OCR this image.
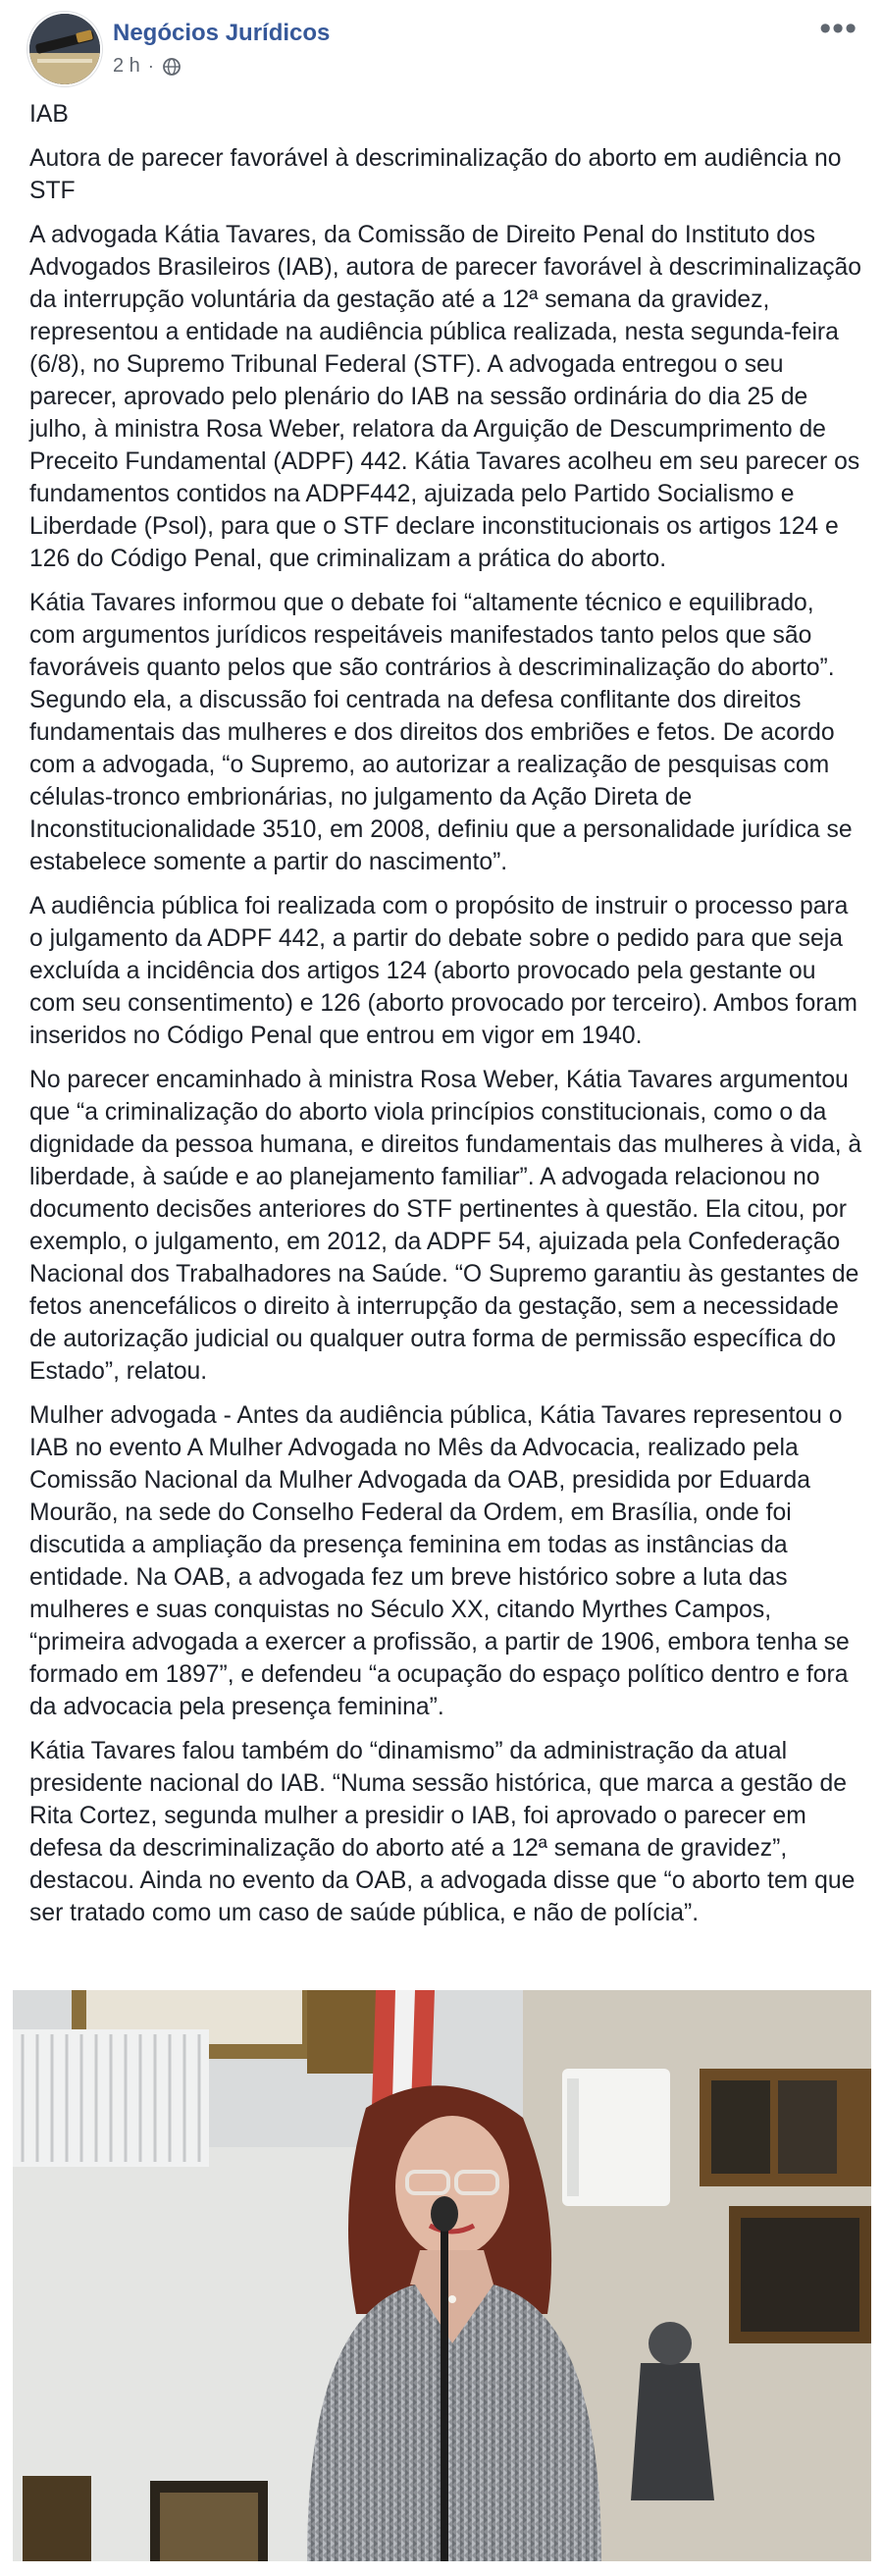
Negócios Jurídicos
2 h ·
•••

IAB

Autora de parecer favorável à descriminalização do aborto em audiência no STF

A advogada Kátia Tavares, da Comissão de Direito Penal do Instituto dos Advogados Brasileiros (IAB), autora de parecer favorável à descriminalização da interrupção voluntária da gestação até a 12ª semana da gravidez, representou a entidade na audiência pública realizada, nesta segunda-feira (6/8), no Supremo Tribunal Federal (STF). A advogada entregou o seu parecer, aprovado pelo plenário do IAB na sessão ordinária do dia 25 de julho, à ministra Rosa Weber, relatora da Arguição de Descumprimento de Preceito Fundamental (ADPF) 442. Kátia Tavares acolheu em seu parecer os fundamentos contidos na ADPF442, ajuizada pelo Partido Socialismo e Liberdade (Psol), para que o STF declare inconstitucionais os artigos 124 e 126 do Código Penal, que criminalizam a prática do aborto.

Kátia Tavares informou que o debate foi “altamente técnico e equilibrado, com argumentos jurídicos respeitáveis manifestados tanto pelos que são favoráveis quanto pelos que são contrários à descriminalização do aborto”. Segundo ela, a discussão foi centrada na defesa conflitante dos direitos fundamentais das mulheres e dos direitos dos embriões e fetos. De acordo com a advogada, “o Supremo, ao autorizar a realização de pesquisas com células-tronco embrionárias, no julgamento da Ação Direta de Inconstitucionalidade 3510, em 2008, definiu que a personalidade jurídica se estabelece somente a partir do nascimento”.

A audiência pública foi realizada com o propósito de instruir o processo para o julgamento da ADPF 442, a partir do debate sobre o pedido para que seja excluída a incidência dos artigos 124 (aborto provocado pela gestante ou com seu consentimento) e 126 (aborto provocado por terceiro). Ambos foram inseridos no Código Penal que entrou em vigor em 1940.

No parecer encaminhado à ministra Rosa Weber, Kátia Tavares argumentou que “a criminalização do aborto viola princípios constitucionais, como o da dignidade da pessoa humana, e direitos fundamentais das mulheres à vida, à liberdade, à saúde e ao planejamento familiar”. A advogada relacionou no documento decisões anteriores do STF pertinentes à questão. Ela citou, por exemplo, o julgamento, em 2012, da ADPF 54, ajuizada pela Confederação Nacional dos Trabalhadores na Saúde. “O Supremo garantiu às gestantes de fetos anencefálicos o direito à interrupção da gestação, sem a necessidade de autorização judicial ou qualquer outra forma de permissão específica do Estado”, relatou.

Mulher advogada - Antes da audiência pública, Kátia Tavares representou o IAB no evento A Mulher Advogada no Mês da Advocacia, realizado pela Comissão Nacional da Mulher Advogada da OAB, presidida por Eduarda Mourão, na sede do Conselho Federal da Ordem, em Brasília, onde foi discutida a ampliação da presença feminina em todas as instâncias da entidade. Na OAB, a advogada fez um breve histórico sobre a luta das mulheres e suas conquistas no Século XX, citando Myrthes Campos, “primeira advogada a exercer a profissão, a partir de 1906, embora tenha se formado em 1897”, e defendeu “a ocupação do espaço político dentro e fora da advocacia pela presença feminina”.

Kátia Tavares falou também do “dinamismo” da administração da atual presidente nacional do IAB. “Numa sessão histórica, que marca a gestão de Rita Cortez, segunda mulher a presidir o IAB, foi aprovado o parecer em defesa da descriminalização do aborto até a 12ª semana de gravidez”, destacou. Ainda no evento da OAB, a advogada disse que “o aborto tem que ser tratado como um caso de saúde pública, e não de polícia”.
